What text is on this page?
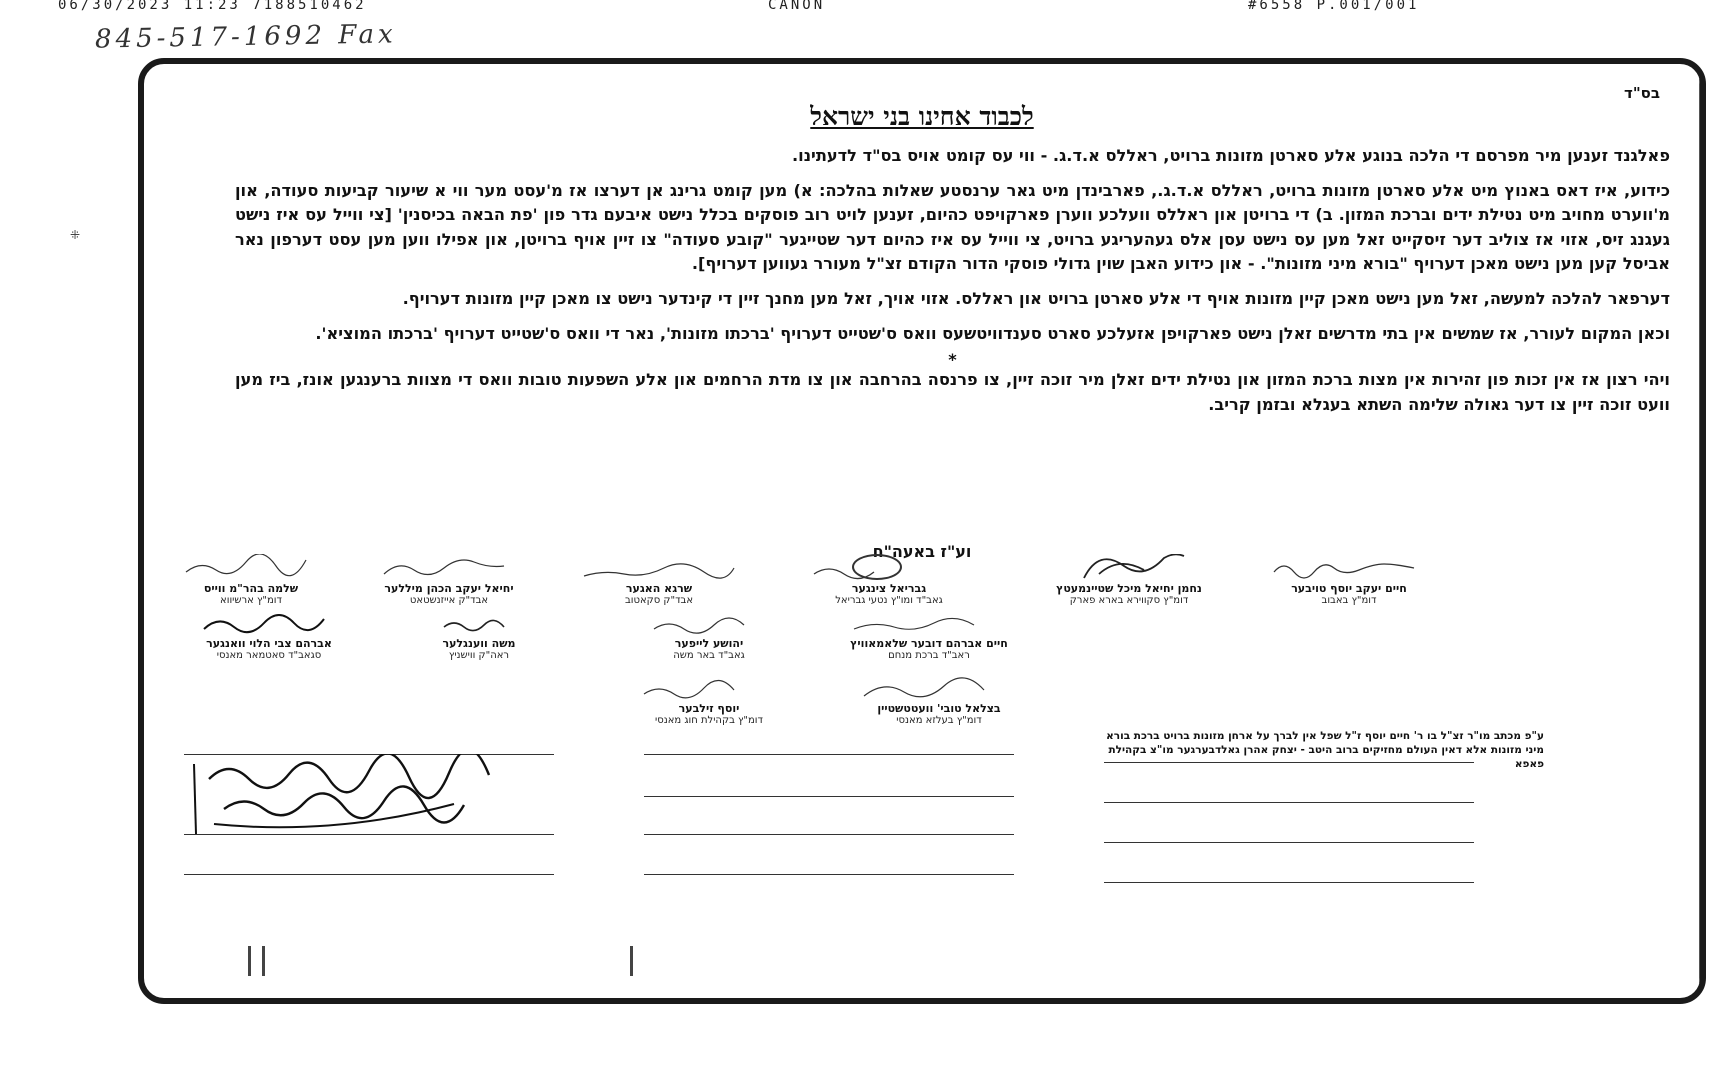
06/30/2023 11:23 7188510462	CANON	#6558 P.001/001
845-517-1692 Fax
בס"ד
לכבוד אחינו בני ישראל

פאלגנד זענען מיר מפרסם די הלכה בנוגע אלע סארטן מזונות ברויט, ראללס א.ד.ג. - ווי עס קומט אויס בס"ד לדעתינו.

כידוע, איז דאס באנוץ מיט אלע סארטן מזונות ברויט, ראללס א.ד.ג., פארבינדן מיט גאר ערנסטע שאלות בהלכה: א) מען קומט גרינג אן דערצו אז מ'עסט מער ווי א שיעור קביעות סעודה, און מ'ווערט מחויב מיט נטילת ידים וברכת המזון. ב) די ברויטן און ראללס וועלכע ווערן פארקויפט כהיום, זענען לויט רוב פוסקים בכלל נישט איבעם גדר פון 'פת הבאה בכיסנין' [צי ווייל עס איז נישט געגנג זיס, אזוי אז צוליב דער זיסקייט זאל מען עס נישט עסן אלס געהעריגע ברויט, צי ווייל עס איז כהיום דער שטייגער "קובע סעודה" צו זיין אויף ברויטן, און אפילו ווען מען עסט דערפון נאר אביסל קען מען נישט מאכן דערויף "בורא מיני מזונות". - און כידוע האבן שוין גדולי פוסקי הדור הקודם זצ"ל מעורר געווען דערויף].

דערפאר להלכה למעשה, זאל מען נישט מאכן קיין מזונות אויף די אלע סארטן ברויט און ראללס. אזוי אויך, זאל מען מחנך זיין די קינדער נישט צו מאכן קיין מזונות דערויף.

וכאן המקום לעורר, אז שמשים אין בתי מדרשים זאלן נישט פארקויפן אזעלכע סארט סענדוויטשעס וואס ס'שטייט דערויף 'ברכתו מזונות', נאר די וואס ס'שטייט דערויף 'ברכתו המוציא'.

*

ויהי רצון אז אין זכות פון זהירות אין מצות ברכת המזון און נטילת ידים זאלן מיר זוכה זיין, צו פרנסה בהרחבה און צו מדת הרחמים און אלע השפעות טובות וואס די מצוות ברענגען אונז, ביז מען וועט זוכה זיין צו דער גאולה שלימה השתא בעגלא ובזמן קריב.

וע"ז באעה"ח
חיים יעקב יוסף טויבער
דומ"ץ באבוב
נחמן יחיאל מיכל שטיינמעטץ
דומ"ץ סקווירא בארא פארק
גבריאל צינגער
גאב"ד ומו"ץ נטעי גבריאל
שרגא האגער
אבד"ק סקאטוב
יחיאל יעקב הכהן מיללער
אבד"ק אייזנשטאט
שלמה בהר"מ ווייס
דומ"ץ ארשיווא
חיים אברהם דובער שלאמאוויץ
ראב"ד ברכת מנחם
יהושע לייפער
גאב"ד באר משה
משה ווענגלער
ראה"ק ווישניץ
אברהם צבי הלוי וואנגער
סגאב"ד סאטמאר מאנסי
בצלאל טובי' וועטטשטיין
דומ"ץ בעלזא מאנסי
יוסף זילבער
דומ"ץ בקהילת חוג מאנסי
ע"פ מכתב מו"ר זצ"ל בו ר' חיים יוסף ז"ל שפל אין לברך על ארחן מזונות ברויט ברכת בורא מיני מזונות אלא דאין העולם מחזיקים ברוב היטב - יצחק אהרן גאלדבערגער מו"צ בקהילת פאפא
⁜
